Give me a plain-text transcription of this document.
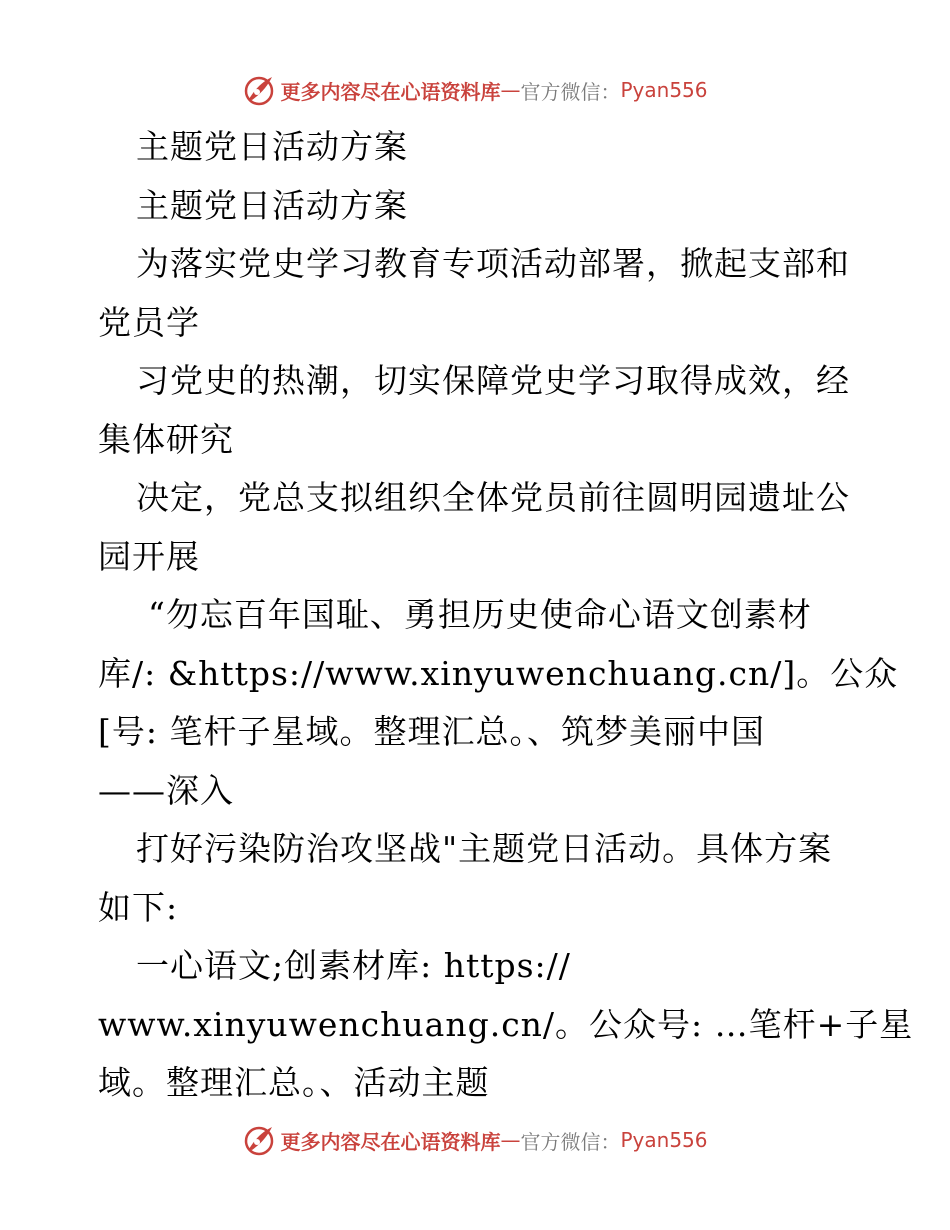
更多内容尽在心语资料库 — 官方微信： Pyan556
主题党日活动方案
主题党日活动方案
为落实党史学习教育专项活动部署，掀起支部和
党员学
习党史的热潮，切实保障党史学习取得成效，经
集体研究
决定，党总支拟组织全体党员前往圆明园遗址公
园开展
“勿忘百年国耻、勇担历史使命心语文创素材
库/: &https://www.xinyuwenchuang.cn/]。公众
[号: 笔杆子星域。整理汇总。、筑梦美丽中国
——深入
打好污染防治攻坚战"主题党日活动。具体方案
如下:
一心语文;创素材库: https://
www.xinyuwenchuang.cn/。公众号: …笔杆+子星
域。整理汇总。、活动主题
更多内容尽在心语资料库 — 官方微信： Pyan556
